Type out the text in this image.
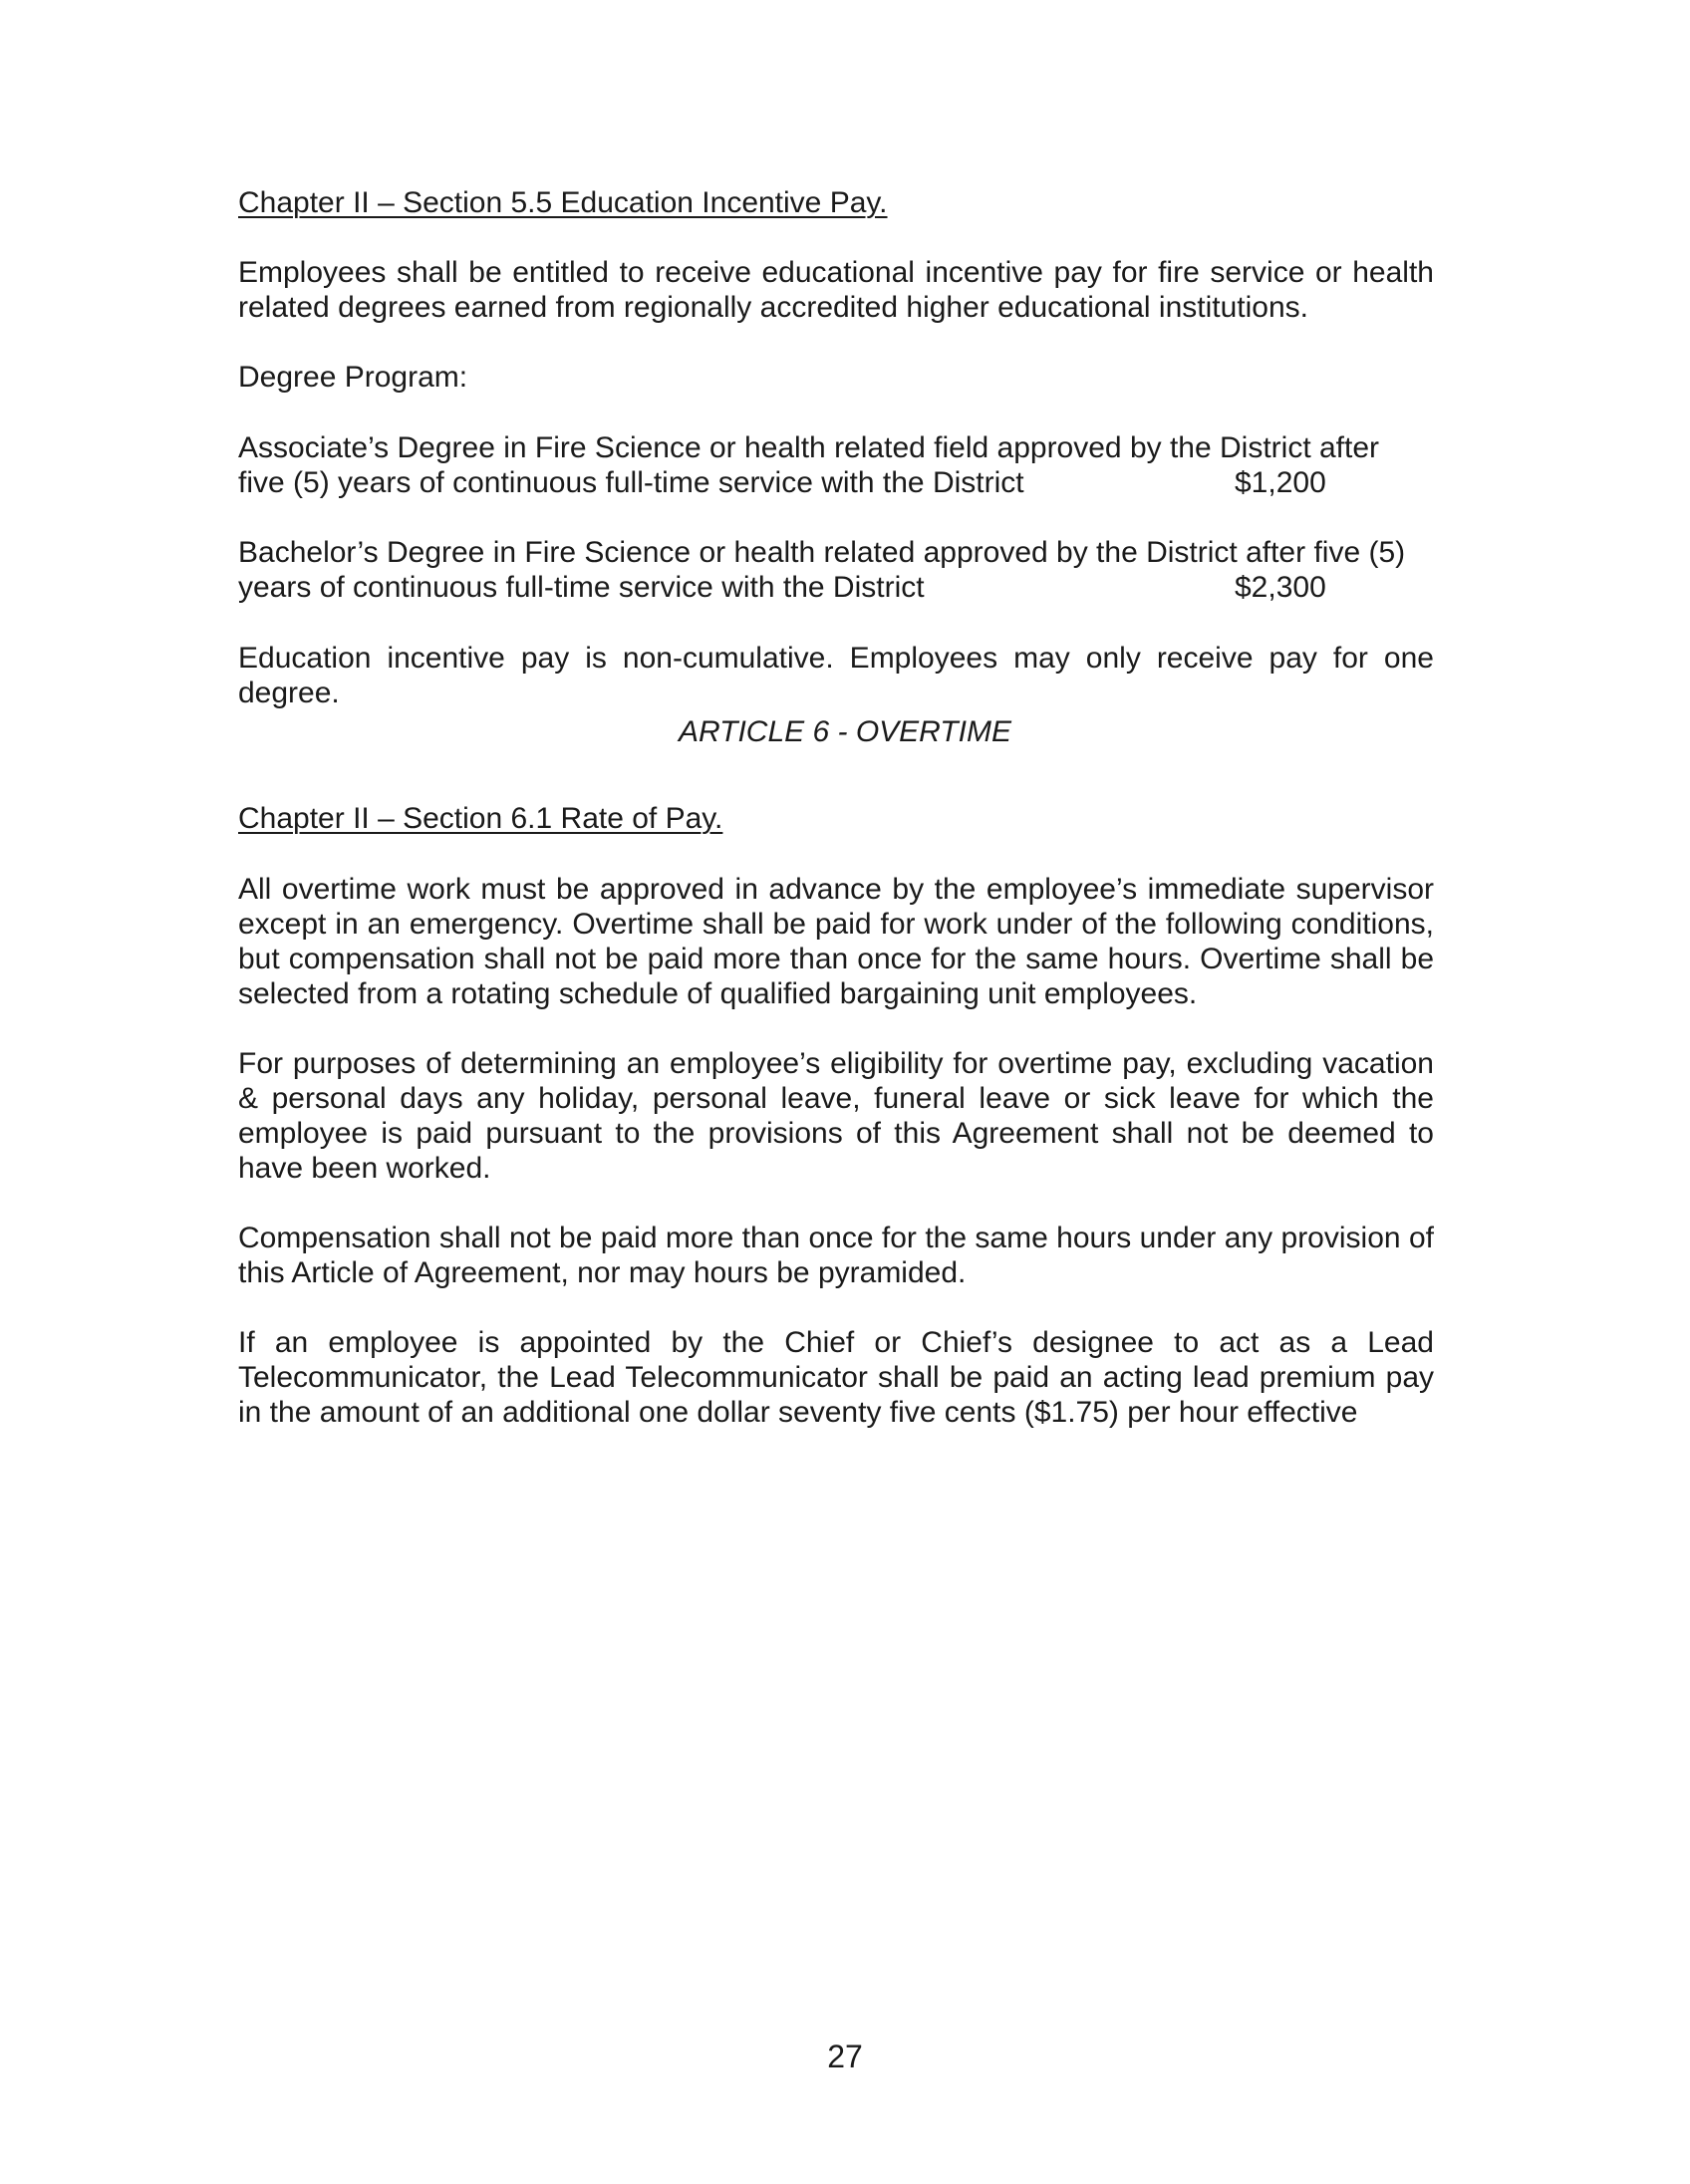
Chapter II – Section 5.5 Education Incentive Pay.

Employees shall be entitled to receive educational incentive pay for fire service or health related degrees earned from regionally accredited higher educational institutions.

Degree Program:

Associate’s Degree in Fire Science or health related field approved by the District after
five (5) years of continuous full-time service with the District	$1,200
Bachelor’s Degree in Fire Science or health related approved by the District after five (5)
years of continuous full-time service with the District	$2,300

Education incentive pay is non-cumulative. Employees may only receive pay for one degree.

ARTICLE 6 - OVERTIME

Chapter II – Section 6.1 Rate of Pay.

All overtime work must be approved in advance by the employee’s immediate supervisor except in an emergency. Overtime shall be paid for work under of the following conditions, but compensation shall not be paid more than once for the same hours. Overtime shall be selected from a rotating schedule of qualified bargaining unit employees.

For purposes of determining an employee’s eligibility for overtime pay, excluding vacation & personal days any holiday, personal leave, funeral leave or sick leave for which the employee is paid pursuant to the provisions of this Agreement shall not be deemed to have been worked.

Compensation shall not be paid more than once for the same hours under any provision of this Article of Agreement, nor may hours be pyramided.

If an employee is appointed by the Chief or Chief’s designee to act as a Lead Telecommunicator, the Lead Telecommunicator shall be paid an acting lead premium pay in the amount of an additional one dollar seventy five cents ($1.75) per hour effective

27
